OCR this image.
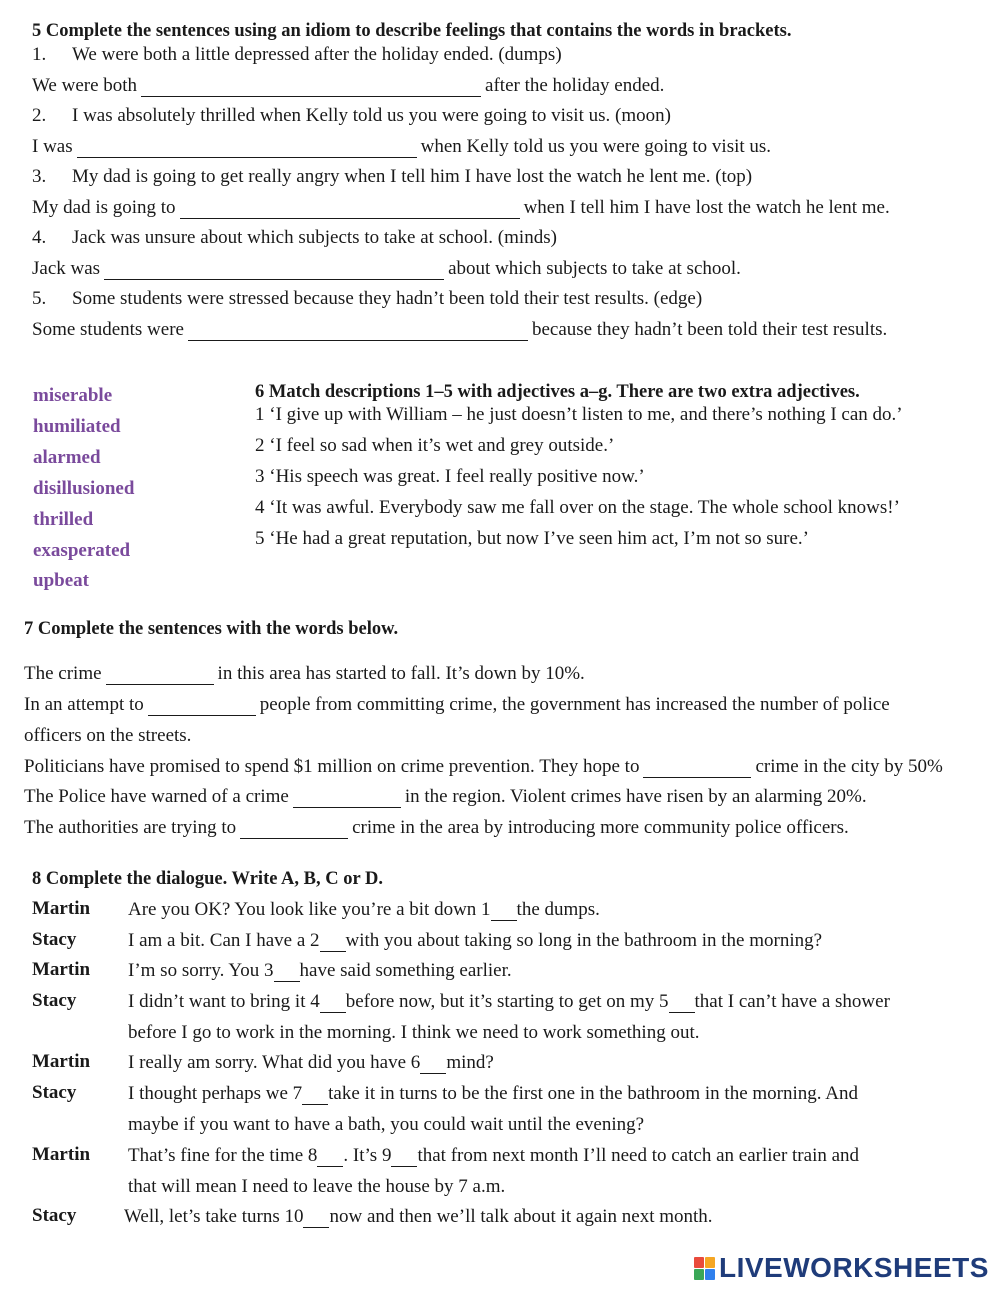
5 Complete the sentences using an idiom to describe feelings that contains the words in brackets.
1. We were both a little depressed after the holiday ended. (dumps)
We were both	after the holiday ended.
2. I was absolutely thrilled when Kelly told us you were going to visit us. (moon)
I was	when Kelly told us you were going to visit us.
3. My dad is going to get really angry when I tell him I have lost the watch he lent me. (top)
My dad is going to	when I tell him I have lost the watch he lent me.
4. Jack was unsure about which subjects to take at school. (minds)
Jack was	about which subjects to take at school.
5. Some students were stressed because they hadn’t been told their test results. (edge)
Some students were	because they hadn’t been told their test results.
miserable
humiliated
alarmed
disillusioned
thrilled
exasperated
upbeat
6 Match descriptions 1–5 with adjectives a–g. There are two extra adjectives.
1 ‘I give up with William – he just doesn’t listen to me, and there’s nothing I can do.’
2 ‘I feel so sad when it’s wet and grey outside.’
3 ‘His speech was great. I feel really positive now.’
4 ‘It was awful. Everybody saw me fall over on the stage. The whole school knows!’
5 ‘He had a great reputation, but now I’ve seen him act, I’m not so sure.’
7 Complete the sentences with the words below.
The crime	in this area has started to fall. It’s down by 10%.
In an attempt to	people from committing crime, the government has increased the number of police
officers on the streets.
Politicians have promised to spend $1 million on crime prevention. They hope to	crime in the city by 50%
The Police have warned of a crime	in the region. Violent crimes have risen by an alarming 20%.
The authorities are trying to	crime in the area by introducing more community police officers.
8 Complete the dialogue. Write A, B, C or D.
Martin Are you OK? You look like you’re a bit down 1 the dumps.
Stacy	I am a bit. Can I have a 2 with you about taking so long in the bathroom in the morning?
Martin I’m so sorry. You 3 have said something earlier.
Stacy	I didn’t want to bring it 4 before now, but it’s starting to get on my 5 that I can’t have a shower
before I go to work in the morning. I think we need to work something out.
Martin I really am sorry. What did you have 6 mind?
Stacy	I thought perhaps we 7 take it in turns to be the first one in the bathroom in the morning. And
maybe if you want to have a bath, you could wait until the evening?
Martin That’s fine for the time 8 . It’s 9 that from next month I’ll need to catch an earlier train and
that will mean I need to leave the house by 7 a.m.
Stacy	Well, let’s take turns 10 now and then we’ll talk about it again next month.
LIVEWORKSHEETS
